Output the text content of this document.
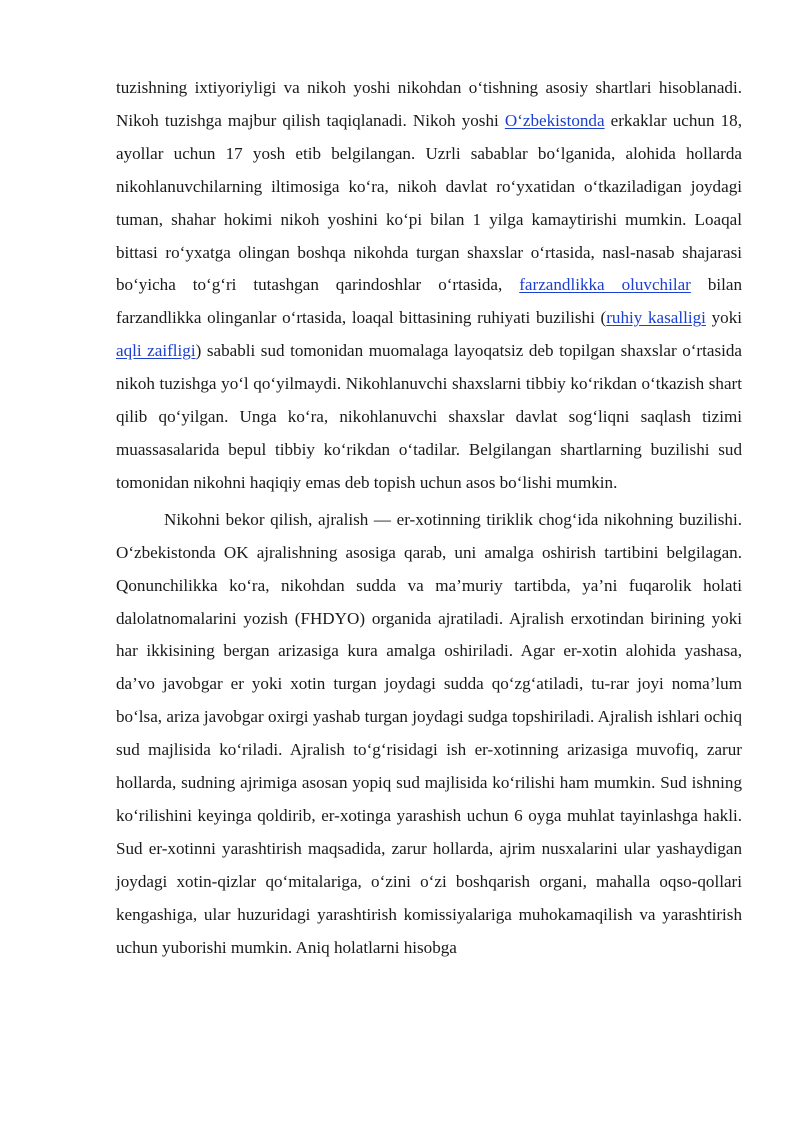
tuzishning ixtiyoriyligi va nikoh yoshi nikohdan o‘tishning asosiy shartlari hisoblanadi. Nikoh tuzishga majbur qilish taqiqlanadi. Nikoh yoshi O‘zbekistonda erkaklar uchun 18, ayollar uchun 17 yosh etib belgilangan. Uzrli sabablar bo‘lganida, alohida hollarda nikohlanuvchilarning iltimosiga ko‘ra, nikoh davlat ro‘yxatidan o‘tkaziladigan joydagi tuman, shahar hokimi nikoh yoshini ko‘pi bilan 1 yilga kamaytirishi mumkin. Loaqal bittasi ro‘yxatga olingan boshqa nikohda turgan shaxslar o‘rtasida, nasl-nasab shajarasi bo‘yicha to‘g‘ri tutashgan qarindoshlar o‘rtasida, farzandlikka oluvchilar bilan farzandlikka olinganlar o‘rtasida, loaqal bittasining ruhiyati buzilishi (ruhiy kasalligi yoki aqli zaifligi) sababli sud tomonidan muomalaga layoqatsiz deb topilgan shaxslar o‘rtasida nikoh tuzishga yo‘l qo‘yilmaydi. Nikohlanuvchi shaxslarni tibbiy ko‘rikdan o‘tkazish shart qilib qo‘yilgan. Unga ko‘ra, nikohlanuvchi shaxslar davlat sog‘liqni saqlash tizimi muassasalarida bepul tibbiy ko‘rikdan o‘tadilar. Belgilangan shartlarning buzilishi sud tomonidan nikohni haqiqiy emas deb topish uchun asos bo‘lishi mumkin.

Nikohni bekor qilish, ajralish — er-xotinning tiriklik chog‘ida nikohning buzilishi. O‘zbekistonda OK ajralishning asosiga qarab, uni amalga oshirish tartibini belgilagan. Qonunchilikka ko‘ra, nikohdan sudda va ma’muriy tartibda, ya’ni fuqarolik holati dalolatnomalarini yozish (FHDYO) organida ajratiladi. Ajralish erxotindan birining yoki har ikkisining bergan arizasiga kura amalga oshiriladi. Agar er-xotin alohida yashasa, da’vo javobgar er yoki xotin turgan joydagi sudda qo‘zg‘atiladi, tu-rar joyi noma’lum bo‘lsa, ariza javobgar oxirgi yashab turgan joydagi sudga topshiriladi. Ajralish ishlari ochiq sud majlisida ko‘riladi. Ajralish to‘g‘risidagi ish er-xotinning arizasiga muvofiq, zarur hollarda, sudning ajrimiga asosan yopiq sud majlisida ko‘rilishi ham mumkin. Sud ishning ko‘rilishini keyinga qoldirib, er-xotinga yarashish uchun 6 oyga muhlat tayinlashga hakli. Sud er-xotinni yarashtirish maqsadida, zarur hollarda, ajrim nusxalarini ular yashaydigan joydagi xotin-qizlar qo‘mitalariga, o‘zini o‘zi boshqarish organi, mahalla oqso-qollari kengashiga, ular huzuridagi yarashtirish komissiyalariga muhokamaqilish va yarashtirish uchun yuborishi mumkin. Aniq holatlarni hisobga
